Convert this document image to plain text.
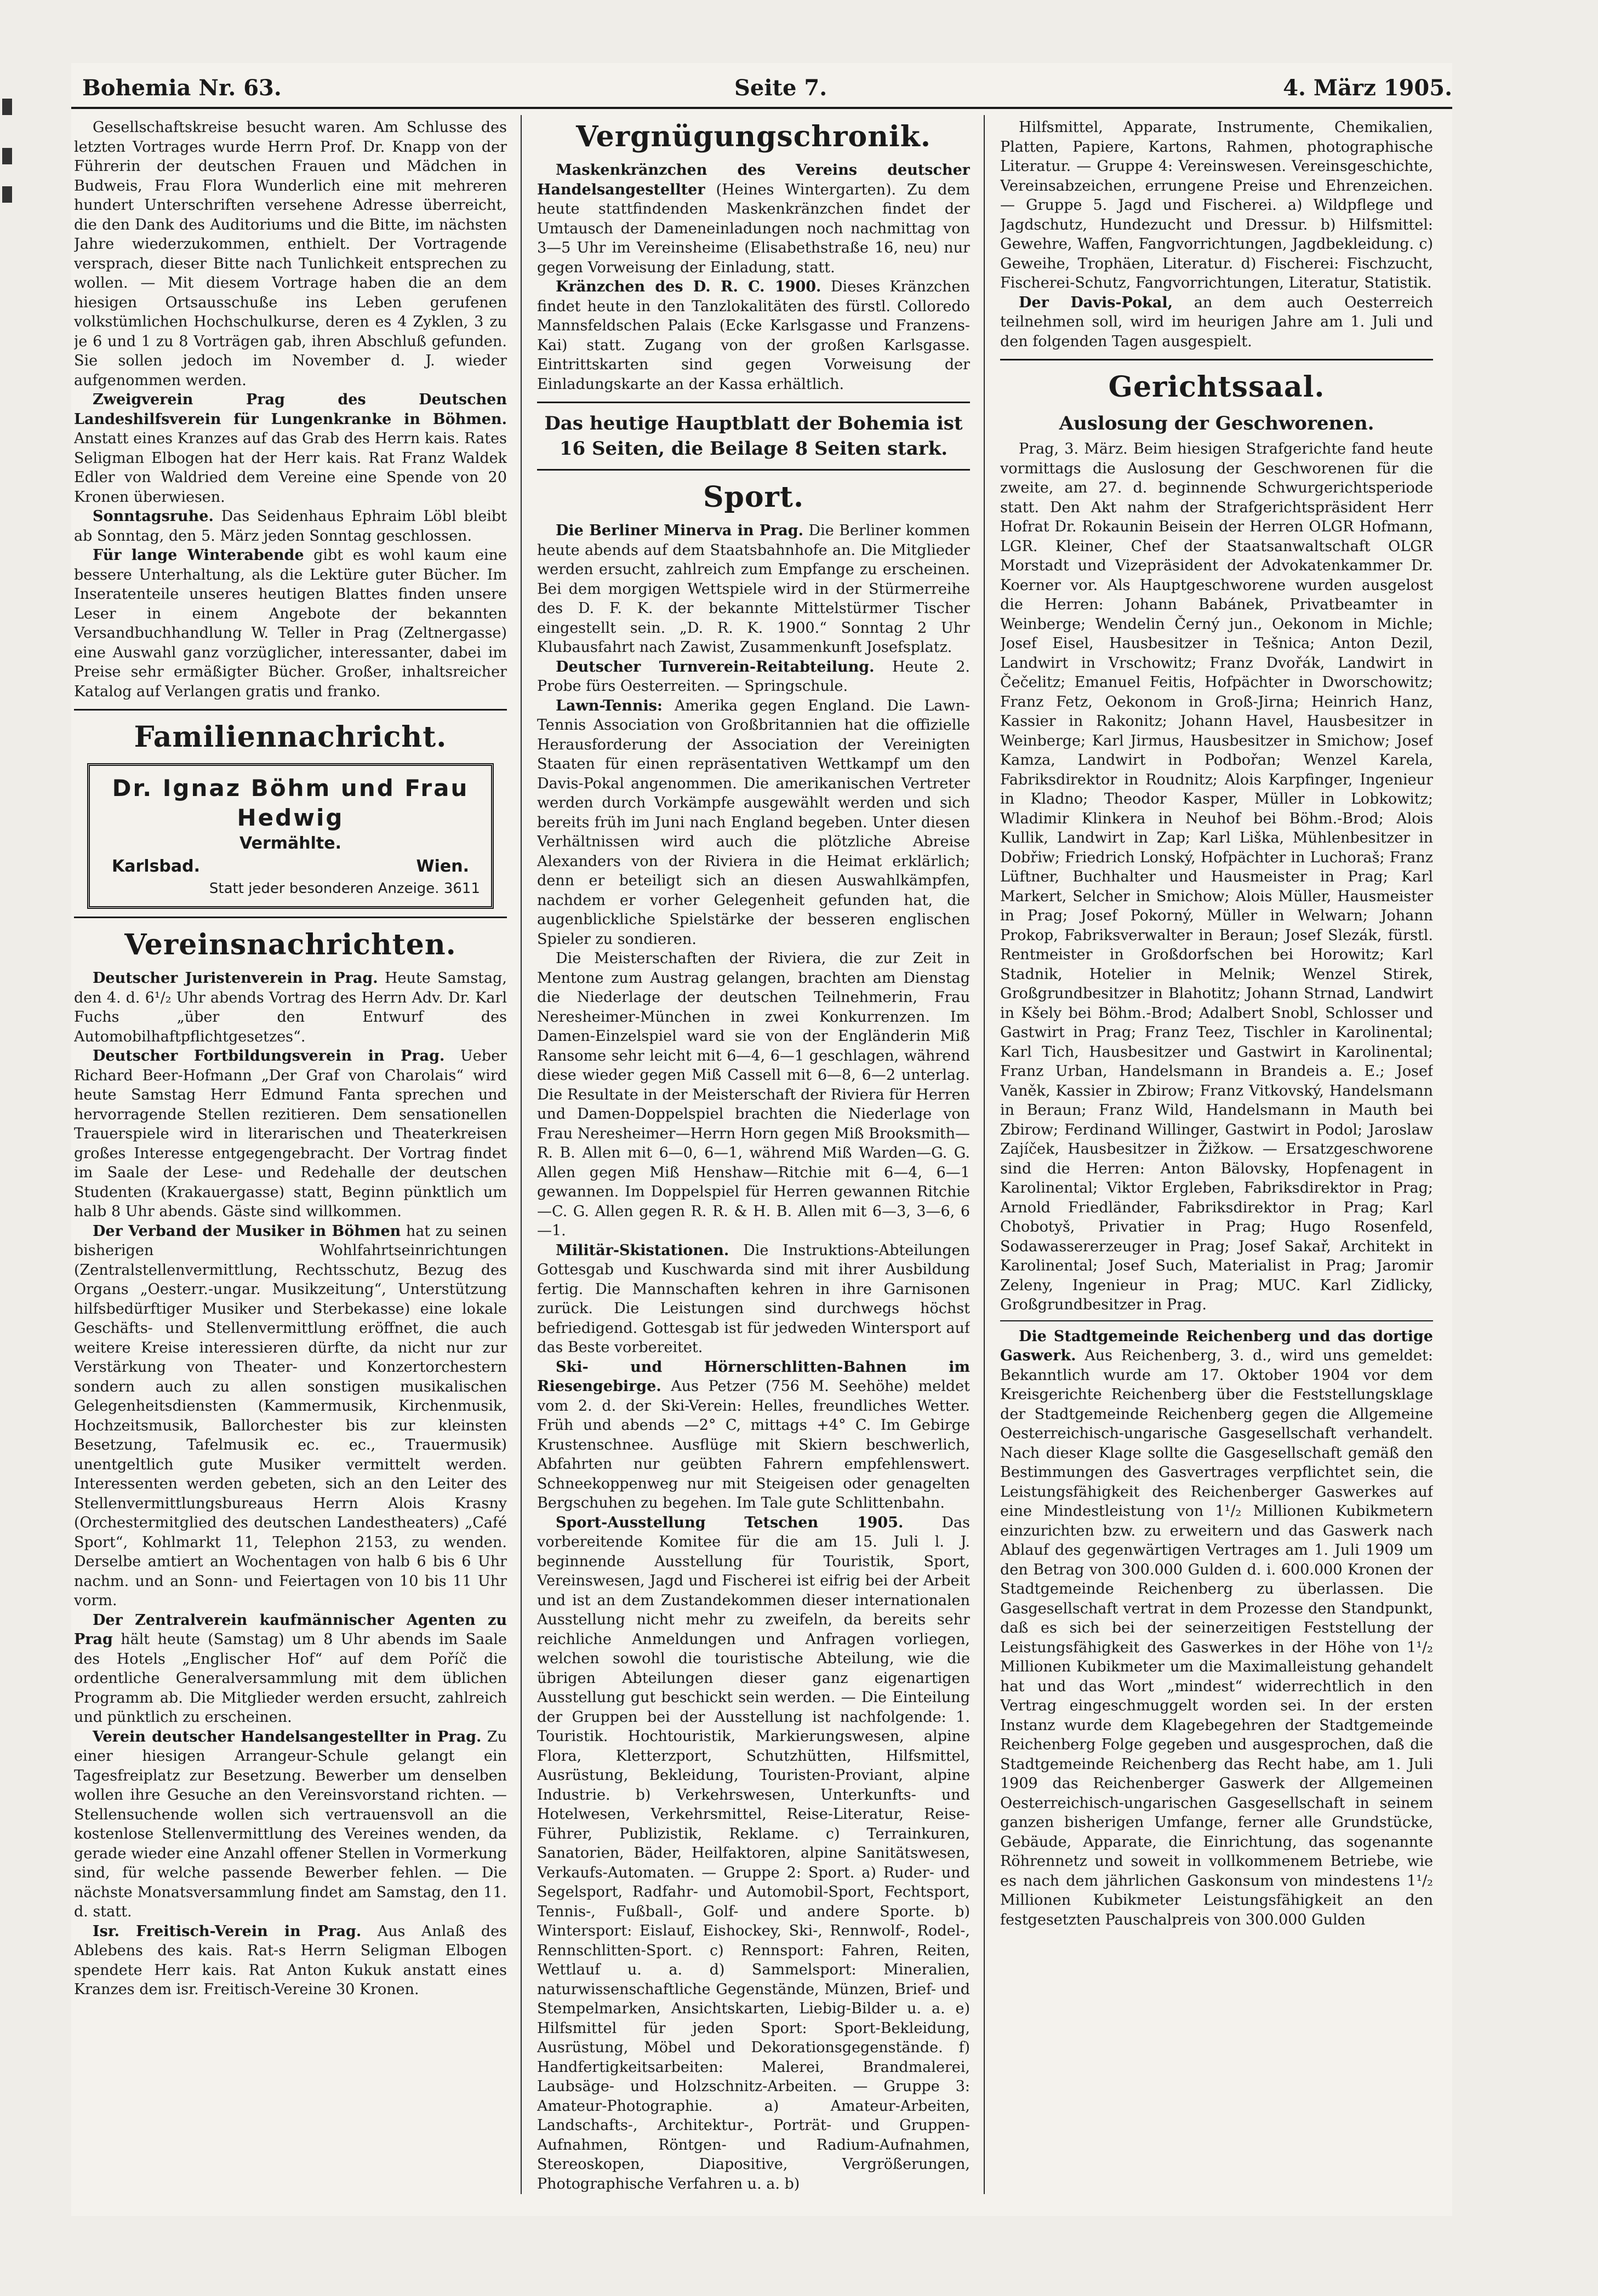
Bohemia Nr. 63.	Seite 7.	4. März 1905.

Gesellschaftskreise besucht waren. Am Schlusse des letzten Vortrages wurde Herrn Prof. Dr. Knapp von der Führerin der deutschen Frauen und Mädchen in Budweis, Frau Flora Wunderlich eine mit mehreren hundert Unterschriften versehene Adresse überreicht, die den Dank des Auditoriums und die Bitte, im nächsten Jahre wiederzukommen, enthielt. Der Vortragende versprach, dieser Bitte nach Tunlichkeit entsprechen zu wollen. — Mit diesem Vortrage haben die an dem hiesigen Ortsausschuße ins Leben gerufenen volkstümlichen Hochschulkurse, deren es 4 Zyklen, 3 zu je 6 und 1 zu 8 Vorträgen gab, ihren Abschluß gefunden. Sie sollen jedoch im November d. J. wieder aufgenommen werden.

Zweigverein Prag des Deutschen Landeshilfsverein für Lungenkranke in Böhmen. Anstatt eines Kranzes auf das Grab des Herrn kais. Rates Seligman Elbogen hat der Herr kais. Rat Franz Waldek Edler von Waldried dem Vereine eine Spende von 20 Kronen überwiesen.

Sonntagsruhe. Das Seidenhaus Ephraim Löbl bleibt ab Sonntag, den 5. März jeden Sonntag geschlossen.

Für lange Winterabende gibt es wohl kaum eine bessere Unterhaltung, als die Lektüre guter Bücher. Im Inseratenteile unseres heutigen Blattes finden unsere Leser in einem Angebote der bekannten Versandbuchhandlung W. Teller in Prag (Zeltnergasse) eine Auswahl ganz vorzüglicher, interessanter, dabei im Preise sehr ermäßigter Bücher. Großer, inhaltsreicher Katalog auf Verlangen gratis und franko.

Familiennachricht.
Dr. Ignaz Böhm und Frau Hedwig
Vermählte.
Karlsbad.	Wien.
Statt jeder besonderen Anzeige. 3611
Vereinsnachrichten.

Deutscher Juristenverein in Prag. Heute Samstag, den 4. d. 6¹/₂ Uhr abends Vortrag des Herrn Adv. Dr. Karl Fuchs „über den Entwurf des Automobilhaftpflichtgesetzes“.

Deutscher Fortbildungsverein in Prag. Ueber Richard Beer-Hofmann „Der Graf von Charolais“ wird heute Samstag Herr Edmund Fanta sprechen und hervorragende Stellen rezitieren. Dem sensationellen Trauerspiele wird in literarischen und Theaterkreisen großes Interesse entgegengebracht. Der Vortrag findet im Saale der Lese- und Redehalle der deutschen Studenten (Krakauergasse) statt, Beginn pünktlich um halb 8 Uhr abends. Gäste sind willkommen.

Der Verband der Musiker in Böhmen hat zu seinen bisherigen Wohlfahrtseinrichtungen (Zentralstellenvermittlung, Rechtsschutz, Bezug des Organs „Oesterr.-ungar. Musikzeitung“, Unterstützung hilfsbedürftiger Musiker und Sterbekasse) eine lokale Geschäfts- und Stellenvermittlung eröffnet, die auch weitere Kreise interessieren dürfte, da nicht nur zur Verstärkung von Theater- und Konzertorchestern sondern auch zu allen sonstigen musikalischen Gelegenheitsdiensten (Kammermusik, Kirchenmusik, Hochzeitsmusik, Ballorchester bis zur kleinsten Besetzung, Tafelmusik ec. ec., Trauermusik) unentgeltlich gute Musiker vermittelt werden. Interessenten werden gebeten, sich an den Leiter des Stellenvermittlungsbureaus Herrn Alois Krasny (Orchestermitglied des deutschen Landestheaters) „Café Sport“, Kohlmarkt 11, Telephon 2153, zu wenden. Derselbe amtiert an Wochentagen von halb 6 bis 6 Uhr nachm. und an Sonn- und Feiertagen von 10 bis 11 Uhr vorm.

Der Zentralverein kaufmännischer Agenten zu Prag hält heute (Samstag) um 8 Uhr abends im Saale des Hotels „Englischer Hof“ auf dem Poříč die ordentliche Generalversammlung mit dem üblichen Programm ab. Die Mitglieder werden ersucht, zahlreich und pünktlich zu erscheinen.

Verein deutscher Handelsangestellter in Prag. Zu einer hiesigen Arrangeur-Schule gelangt ein Tagesfreiplatz zur Besetzung. Bewerber um denselben wollen ihre Gesuche an den Vereinsvorstand richten. — Stellensuchende wollen sich vertrauensvoll an die kostenlose Stellenvermittlung des Vereines wenden, da gerade wieder eine Anzahl offener Stellen in Vormerkung sind, für welche passende Bewerber fehlen. — Die nächste Monatsversammlung findet am Samstag, den 11. d. statt.

Isr. Freitisch-Verein in Prag. Aus Anlaß des Ablebens des kais. Rat-s Herrn Seligman Elbogen spendete Herr kais. Rat Anton Kukuk anstatt eines Kranzes dem isr. Freitisch-Vereine 30 Kronen.

Vergnügungschronik.

Maskenkränzchen des Vereins deutscher Handelsangestellter (Heines Wintergarten). Zu dem heute stattfindenden Maskenkränzchen findet der Umtausch der Dameneinladungen noch nachmittag von 3—5 Uhr im Vereinsheime (Elisabethstraße 16, neu) nur gegen Vorweisung der Einladung, statt.

Kränzchen des D. R. C. 1900. Dieses Kränzchen findet heute in den Tanzlokalitäten des fürstl. Colloredo Mannsfeldschen Palais (Ecke Karlsgasse und Franzens-Kai) statt. Zugang von der großen Karlsgasse. Eintrittskarten sind gegen Vorweisung der Einladungskarte an der Kassa erhältlich.

Das heutige Hauptblatt der Bohemia ist 16 Seiten, die Beilage 8 Seiten stark.
Sport.

Die Berliner Minerva in Prag. Die Berliner kommen heute abends auf dem Staatsbahnhofe an. Die Mitglieder werden ersucht, zahlreich zum Empfange zu erscheinen. Bei dem morgigen Wettspiele wird in der Stürmerreihe des D. F. K. der bekannte Mittelstürmer Tischer eingestellt sein. „D. R. K. 1900.“ Sonntag 2 Uhr Klubausfahrt nach Zawist, Zusammenkunft Josefsplatz.

Deutscher Turnverein-Reitabteilung. Heute 2. Probe fürs Oesterreiten. — Springschule.

Lawn-Tennis: Amerika gegen England. Die Lawn-Tennis Association von Großbritannien hat die offizielle Herausforderung der Association der Vereinigten Staaten für einen repräsentativen Wettkampf um den Davis-Pokal angenommen. Die amerikanischen Vertreter werden durch Vorkämpfe ausgewählt werden und sich bereits früh im Juni nach England begeben. Unter diesen Verhältnissen wird auch die plötzliche Abreise Alexanders von der Riviera in die Heimat erklärlich; denn er beteiligt sich an diesen Auswahlkämpfen, nachdem er vorher Gelegenheit gefunden hat, die augenblickliche Spielstärke der besseren englischen Spieler zu sondieren.

Die Meisterschaften der Riviera, die zur Zeit in Mentone zum Austrag gelangen, brachten am Dienstag die Niederlage der deutschen Teilnehmerin, Frau Neresheimer-München in zwei Konkurrenzen. Im Damen-Einzelspiel ward sie von der Engländerin Miß Ransome sehr leicht mit 6—4, 6—1 geschlagen, während diese wieder gegen Miß Cassell mit 6—8, 6—2 unterlag. Die Resultate in der Meisterschaft der Riviera für Herren und Damen-Doppelspiel brachten die Niederlage von Frau Neresheimer—Herrn Horn gegen Miß Brooksmith—R. B. Allen mit 6—0, 6—1, während Miß Warden—G. G. Allen gegen Miß Henshaw—Ritchie mit 6—4, 6—1 gewannen. Im Doppelspiel für Herren gewannen Ritchie—C. G. Allen gegen R. R. & H. B. Allen mit 6—3, 3—6, 6—1.

Militär-Skistationen. Die Instruktions-Abteilungen Gottesgab und Kuschwarda sind mit ihrer Ausbildung fertig. Die Mannschaften kehren in ihre Garnisonen zurück. Die Leistungen sind durchwegs höchst befriedigend. Gottesgab ist für jedweden Wintersport auf das Beste vorbereitet.

Ski- und Hörnerschlitten-Bahnen im Riesengebirge. Aus Petzer (756 M. Seehöhe) meldet vom 2. d. der Ski-Verein: Helles, freundliches Wetter. Früh und abends —2° C, mittags +4° C. Im Gebirge Krustenschnee. Ausflüge mit Skiern beschwerlich, Abfahrten nur geübten Fahrern empfehlenswert. Schneekoppenweg nur mit Steigeisen oder genagelten Bergschuhen zu begehen. Im Tale gute Schlittenbahn.

Sport-Ausstellung Tetschen 1905.	Das vorbereitende Komitee für die am 15. Juli l. J. beginnende Ausstellung für Touristik, Sport, Vereinswesen, Jagd und Fischerei ist eifrig bei der Arbeit und ist an dem Zustandekommen dieser internationalen Ausstellung nicht mehr zu zweifeln, da bereits sehr reichliche Anmeldungen und Anfragen vorliegen, welchen sowohl die touristische Abteilung, wie die übrigen Abteilungen dieser ganz eigenartigen Ausstellung gut beschickt sein werden. — Die Einteilung der Gruppen bei der Ausstellung ist nachfolgende: 1. Touristik. Hochtouristik, Markierungswesen, alpine Flora, Kletterzport, Schutzhütten, Hilfsmittel, Ausrüstung, Bekleidung, Touristen-Proviant, alpine Industrie. b) Verkehrswesen, Unterkunfts- und Hotelwesen, Verkehrsmittel, Reise-Literatur, Reise-Führer, Publizistik, Reklame. c) Terrainkuren, Sanatorien, Bäder, Heilfaktoren, alpine Sanitätswesen, Verkaufs-Automaten. — Gruppe 2: Sport. a) Ruder- und Segelsport, Radfahr- und Automobil-Sport, Fechtsport, Tennis-, Fußball-, Golf- und andere Sporte. b) Wintersport: Eislauf, Eishockey, Ski-, Rennwolf-, Rodel-, Rennschlitten-Sport. c) Rennsport: Fahren, Reiten, Wettlauf u. a. d) Sammelsport: Mineralien, naturwissenschaftliche Gegenstände, Münzen, Brief- und Stempelmarken, Ansichtskarten, Liebig-Bilder u. a. e) Hilfsmittel für jeden Sport: Sport-Bekleidung, Ausrüstung, Möbel und Dekorationsgegenstände. f) Handfertigkeitsarbeiten: Malerei, Brandmalerei, Laubsäge- und Holzschnitz-Arbeiten. — Gruppe 3: Amateur-Photographie. a) Amateur-Arbeiten, Landschafts-, Architektur-, Porträt- und Gruppen-Aufnahmen, Röntgen- und Radium-Aufnahmen, Stereoskopen, Diapositive, Vergrößerungen, Photographische Verfahren u. a. b)

Hilfsmittel, Apparate, Instrumente, Chemikalien, Platten, Papiere, Kartons, Rahmen, photographische Literatur. — Gruppe 4: Vereinswesen. Vereinsgeschichte, Vereinsabzeichen, errungene Preise und Ehrenzeichen. — Gruppe 5. Jagd und Fischerei. a) Wildpflege und Jagdschutz, Hundezucht und Dressur. b) Hilfsmittel: Gewehre, Waffen, Fangvorrichtungen, Jagdbekleidung. c) Geweihe, Trophäen, Literatur. d) Fischerei: Fischzucht, Fischerei-Schutz, Fangvorrichtungen, Literatur, Statistik.

Der Davis-Pokal, an dem auch Oesterreich teilnehmen soll, wird im heurigen Jahre am 1. Juli und den folgenden Tagen ausgespielt.

Gerichtssaal.
Auslosung der Geschworenen.

Prag, 3. März. Beim hiesigen Strafgerichte fand heute vormittags die Auslosung der Geschworenen für die zweite, am 27. d. beginnende Schwurgerichtsperiode statt. Den Akt nahm der Strafgerichtspräsident Herr Hofrat Dr. Rokaunin Beisein der Herren OLGR Hofmann, LGR. Kleiner, Chef der Staatsanwaltschaft OLGR Morstadt und Vizepräsident der Advokatenkammer Dr. Koerner vor. Als Hauptgeschworene wurden ausgelost die Herren: Johann Babánek, Privatbeamter in Weinberge; Wendelin Černý jun., Oekonom in Michle; Josef Eisel, Hausbesitzer in Tešnica; Anton Dezil, Landwirt in Vrschowitz; Franz Dvořák, Landwirt in Čečelitz; Emanuel Feitis, Hofpächter in Dworschowitz; Franz Fetz, Oekonom in Groß-Jirna; Heinrich Hanz, Kassier in Rakonitz; Johann Havel, Hausbesitzer in Weinberge; Karl Jirmus, Hausbesitzer in Smichow; Josef Kamza, Landwirt in Podbořan; Wenzel Karela, Fabriksdirektor in Roudnitz; Alois Karpfinger, Ingenieur in Kladno; Theodor Kasper, Müller in Lobkowitz; Wladimir Klinkera in Neuhof bei Böhm.-Brod; Alois Kullik, Landwirt in Zap; Karl Liška, Mühlenbesitzer in Dobřiw; Friedrich Lonský, Hofpächter in Luchoraš; Franz Lüftner, Buchhalter und Hausmeister in Prag; Karl Markert, Selcher in Smichow; Alois Müller, Hausmeister in Prag; Josef Pokorný, Müller in Welwarn; Johann Prokop, Fabriksverwalter in Beraun; Josef Slezák, fürstl. Rentmeister in Großdorfschen bei Horowitz; Karl Stadnik, Hotelier in Melnik; Wenzel Stirek, Großgrundbesitzer in Blahotitz; Johann Strnad, Landwirt in Kšely bei Böhm.-Brod; Adalbert Snobl, Schlosser und Gastwirt in Prag; Franz Teez, Tischler in Karolinental; Karl Tich, Hausbesitzer und Gastwirt in Karolinental; Franz Urban, Handelsmann in Brandeis a. E.; Josef Vaněk, Kassier in Zbirow; Franz Vitkovský, Handelsmann in Beraun; Franz Wild, Handelsmann in Mauth bei Zbirow; Ferdinand Willinger, Gastwirt in Podol; Jaroslaw Zajíček, Hausbesitzer in Žižkow. — Ersatzgeschworene sind die Herren: Anton Bälovsky, Hopfenagent in Karolinental; Viktor Ergleben, Fabriksdirektor in Prag; Arnold Friedländer, Fabriksdirektor in Prag; Karl Chobotyš, Privatier in Prag; Hugo Rosenfeld, Sodawassererzeuger in Prag; Josef Sakař, Architekt in Karolinental; Josef Such, Materialist in Prag; Jaromir Zeleny, Ingenieur in Prag; MUC. Karl Zidlicky, Großgrundbesitzer in Prag.

Die Stadtgemeinde Reichenberg und das dortige Gaswerk. Aus Reichenberg, 3. d., wird uns gemeldet: Bekanntlich wurde am 17. Oktober 1904 vor dem Kreisgerichte Reichenberg über die Feststellungsklage der Stadtgemeinde Reichenberg gegen die Allgemeine Oesterreichisch-ungarische Gasgesellschaft verhandelt. Nach dieser Klage sollte die Gasgesellschaft gemäß den Bestimmungen des Gasvertrages verpflichtet sein, die Leistungsfähigkeit des Reichenberger Gaswerkes auf eine Mindestleistung von 1¹/₂ Millionen Kubikmetern einzurichten bzw. zu erweitern und das Gaswerk nach Ablauf des gegenwärtigen Vertrages am 1. Juli 1909 um den Betrag von 300.000 Gulden d. i. 600.000 Kronen der Stadtgemeinde Reichenberg zu überlassen. Die Gasgesellschaft vertrat in dem Prozesse den Standpunkt, daß es sich bei der seinerzeitigen Feststellung der Leistungsfähigkeit des Gaswerkes in der Höhe von 1¹/₂ Millionen Kubikmeter um die Maximalleistung gehandelt hat und das Wort „mindest“ widerrechtlich in den Vertrag eingeschmuggelt worden sei. In der ersten Instanz wurde dem Klagebegehren der Stadtgemeinde Reichenberg Folge gegeben und ausgesprochen, daß die Stadtgemeinde Reichenberg das Recht habe, am 1. Juli 1909 das Reichenberger Gaswerk der Allgemeinen Oesterreichisch-ungarischen Gasgesellschaft in seinem ganzen bisherigen Umfange, ferner alle Grundstücke, Gebäude, Apparate, die Einrichtung, das sogenannte Röhrennetz und soweit in vollkommenem Betriebe, wie es nach dem jährlichen Gaskonsum von mindestens 1¹/₂ Millionen Kubikmeter Leistungsfähigkeit an den festgesetzten Pauschalpreis von 300.000 Gulden
